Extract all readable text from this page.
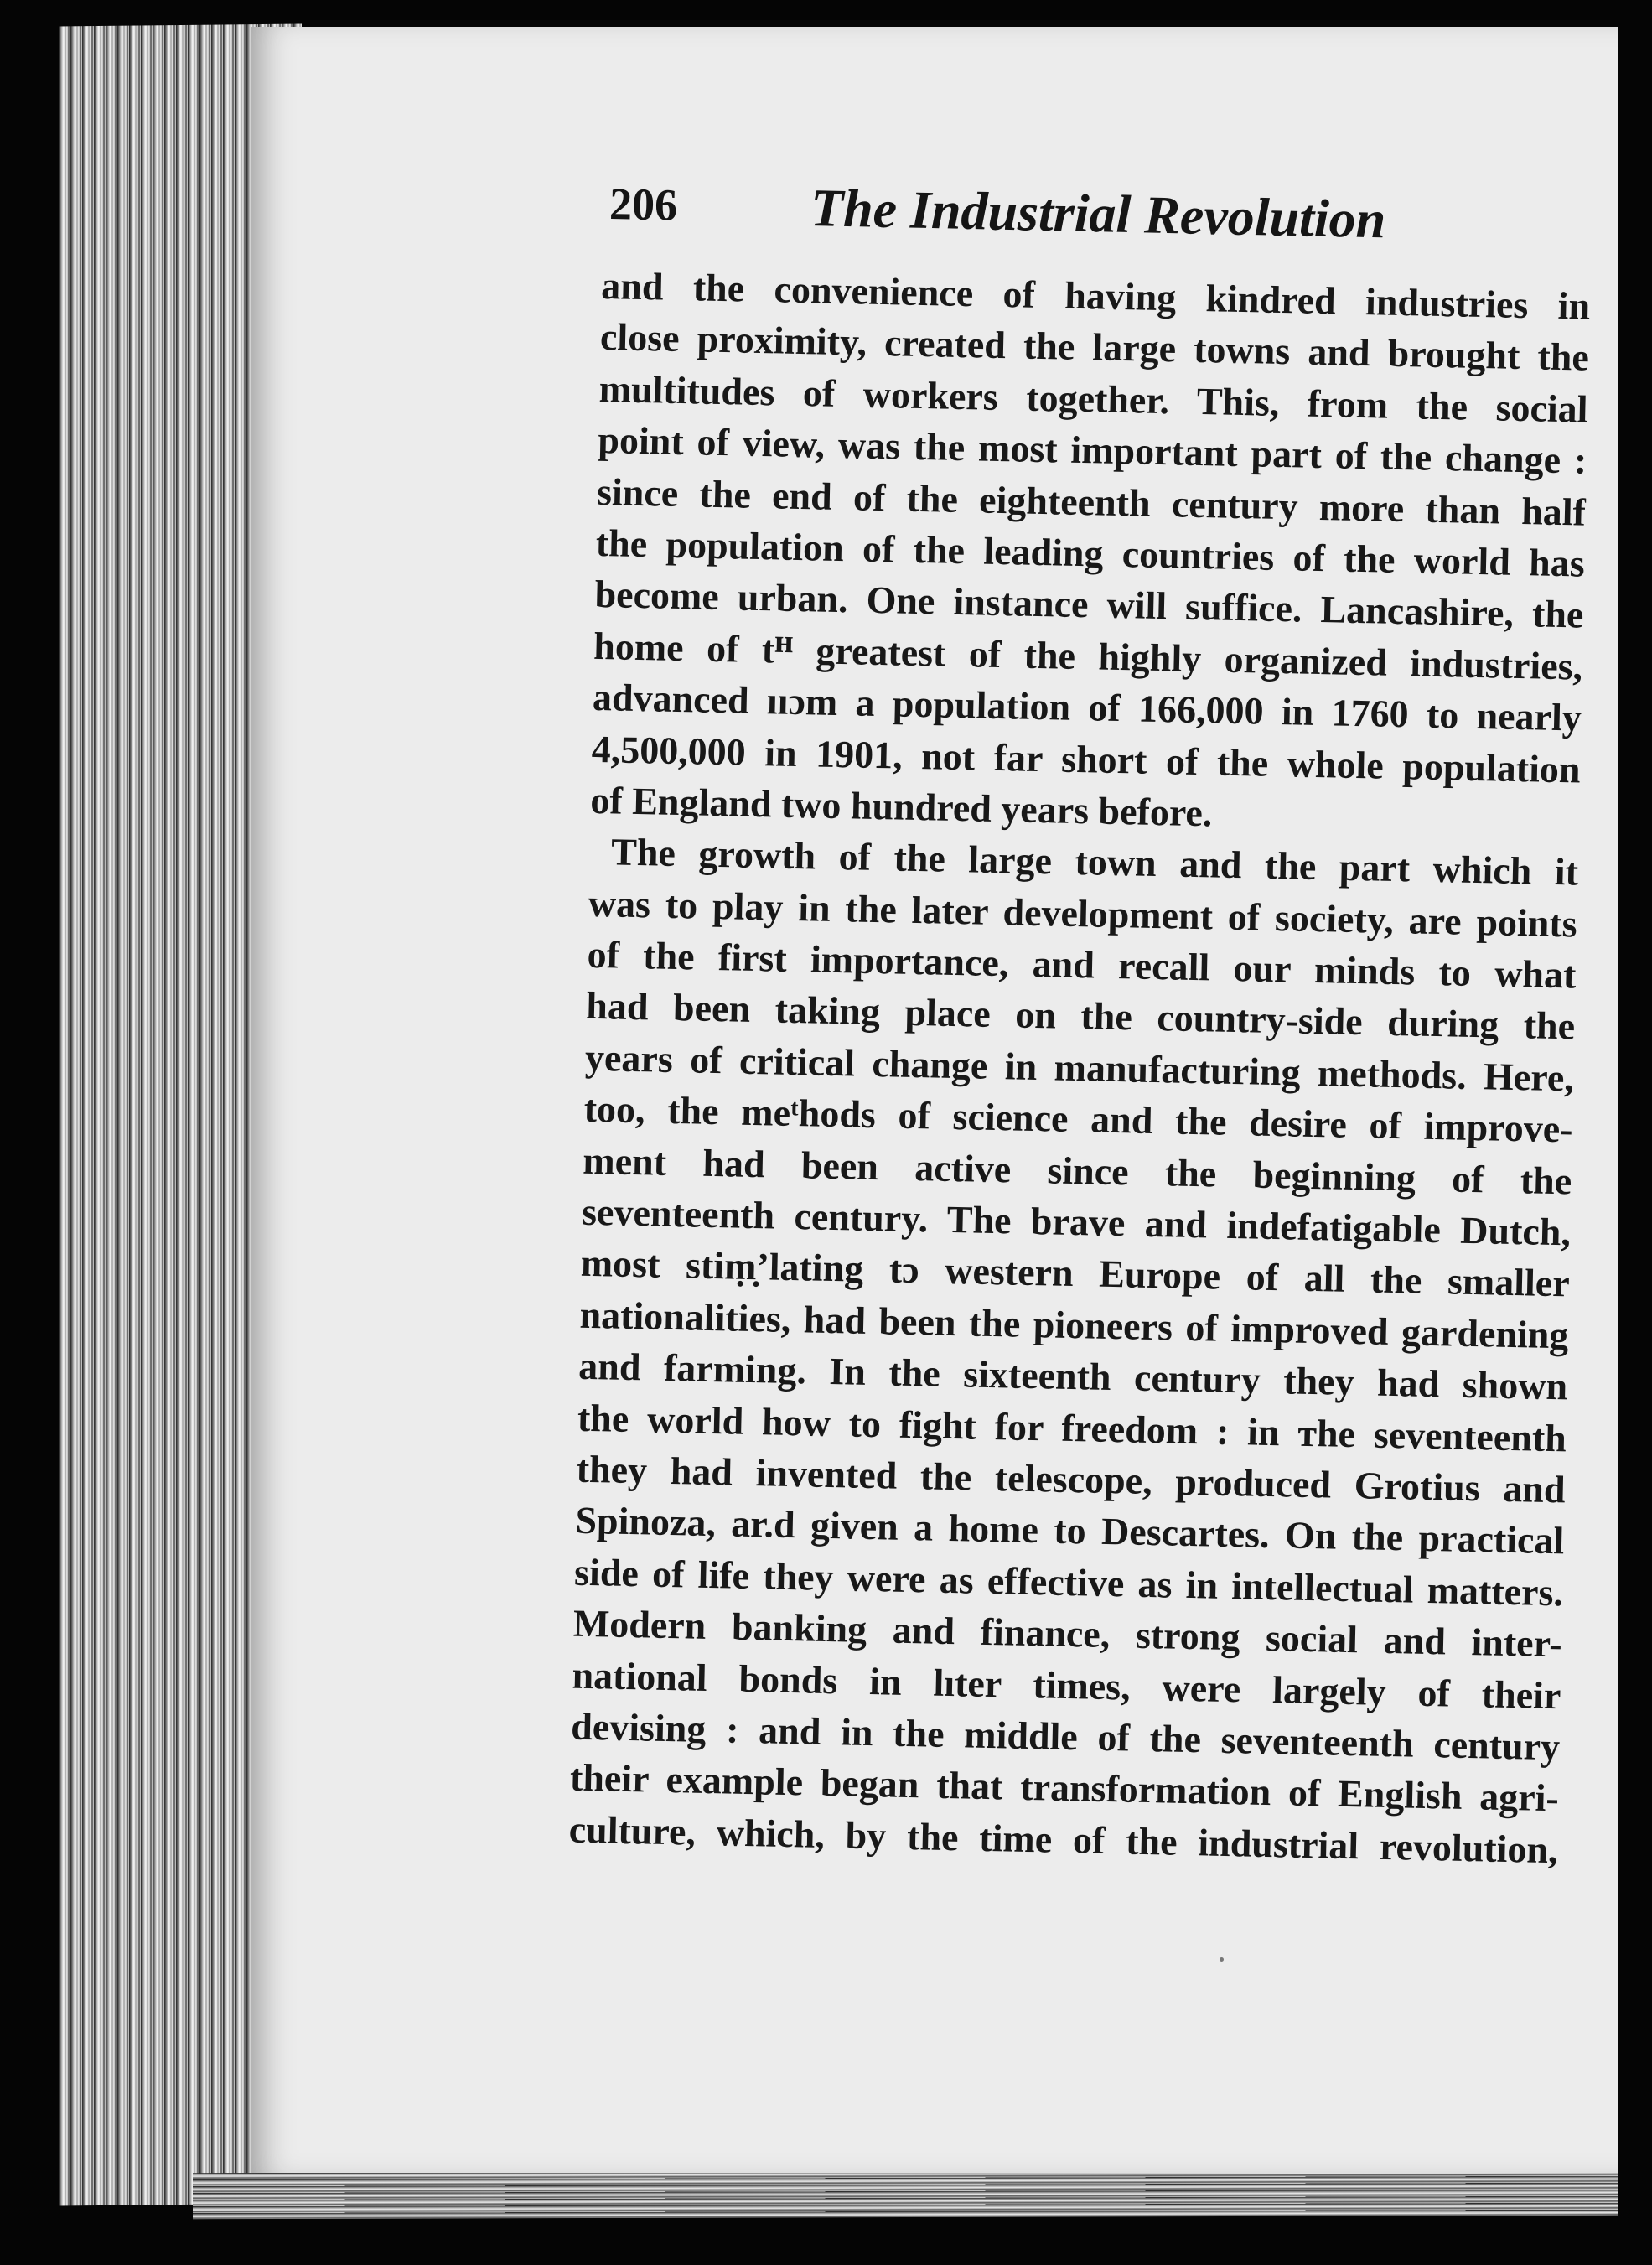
206 The Industrial Revolution
and the convenience of having kindred industries in
close proximity, created the large towns and brought the
multitudes of workers together. This, from the social
point of view, was the most important part of the change :
since the end of the eighteenth century more than half
the population of the leading countries of the world has
become urban. One instance will suffice. Lancashire, the
home of tᴴ greatest of the highly organized industries,
advanced ııɔm a population of 166,000 in 1760 to nearly
4,500,000 in 1901, not far short of the whole population
of England two hundred years before.
The growth of the large town and the part which it
was to play in the later development of society, are points
of the first importance, and recall our minds to what
had been taking place on the country-side during the
years of critical change in manufacturing methods. Here,
too, the meᵗhods of science and the desire of improve-
ment had been active since the beginning of the
seventeenth century. The brave and indefatigable Dutch,
most stiṃ̣ʼlating tɔ western Europe of all the smaller
nationalities, had been the pioneers of improved gardening
and farming. In the sixteenth century they had shown
the world how to fight for freedom : in тhe seventeenth
they had invented the telescope, produced Grotius and
Spinoza, ar.d given a home to Descartes. On the practical
side of life they were as effective as in intellectual matters.
Modern banking and finance, strong social and inter-
national bonds in lıter times, were largely of their
devising : and in the middle of the seventeenth century
their example began that transformation of English agri-
culture, which, by the time of the industrial revolution,
